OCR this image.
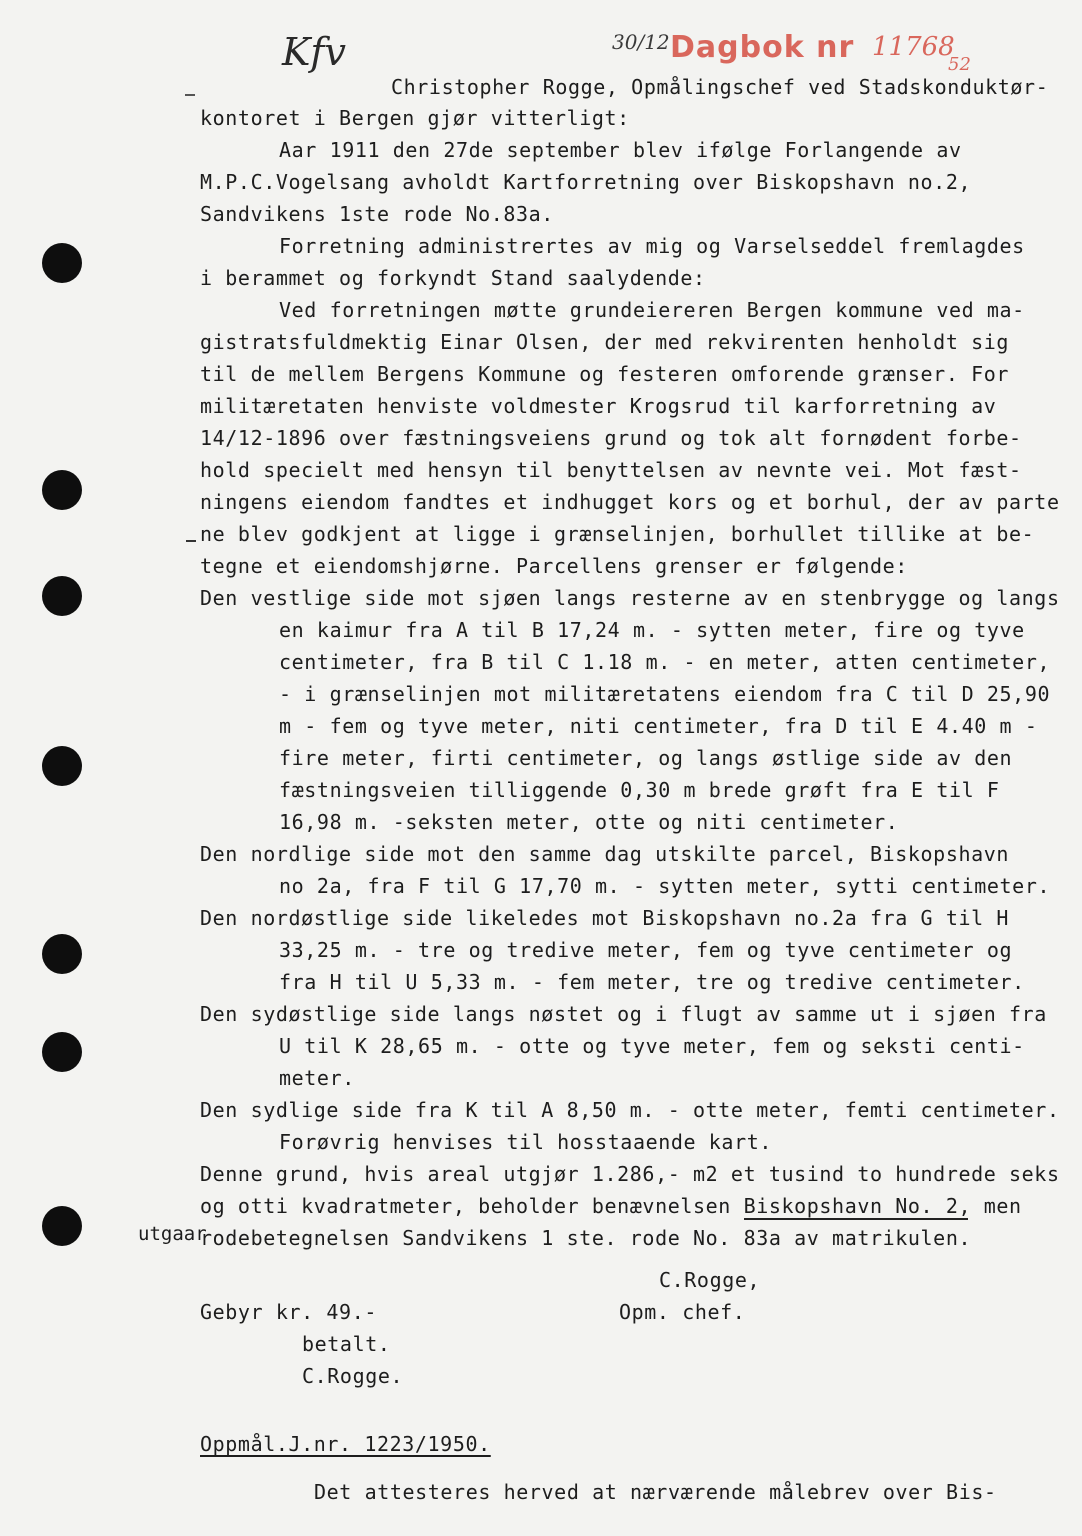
Kfv	30/12 Dagbok nr 11768
52
utgaar
Christopher Rogge, Opmålingschef ved Stadskonduktør-
kontoret i Bergen gjør vitterligt:
Aar 1911 den 27de september blev ifølge Forlangende av
M.P.C.Vogelsang avholdt Kartforretning over Biskopshavn no.2,
Sandvikens 1ste rode No.83a.
Forretning administrertes av mig og Varselseddel fremlagdes
i berammet og forkyndt Stand saalydende:
Ved forretningen møtte grundeiereren Bergen kommune ved ma-
gistratsfuldmektig Einar Olsen, der med rekvirenten henholdt sig
til de mellem Bergens Kommune og festeren omforende grænser. For
militæretaten henviste voldmester Krogsrud til karforretning av
14/12-1896 over fæstningsveiens grund og tok alt fornødent forbe-
hold specielt med hensyn til benyttelsen av nevnte vei. Mot fæst-
ningens eiendom fandtes et indhugget kors og et borhul, der av parte
ne blev godkjent at ligge i grænselinjen, borhullet tillike at be-
tegne et eiendomshjørne. Parcellens grenser er følgende:
Den vestlige side mot sjøen langs resterne av en stenbrygge og langs
en kaimur fra A til B 17,24 m. - sytten meter, fire og tyve
centimeter, fra B til C 1.18 m. - en meter, atten centimeter,
- i grænselinjen mot militæretatens eiendom fra C til D 25,90
m - fem og tyve meter, niti centimeter, fra D til E 4.40 m -
fire meter, firti centimeter, og langs østlige side av den
fæstningsveien tilliggende 0,30 m brede grøft fra E til F
16,98 m. -seksten meter, otte og niti centimeter.
Den nordlige side mot den samme dag utskilte parcel, Biskopshavn
no 2a, fra F til G 17,70 m. - sytten meter, sytti centimeter.
Den nordøstlige side likeledes mot Biskopshavn no.2a fra G til H
33,25 m. - tre og tredive meter, fem og tyve centimeter og
fra H til U 5,33 m. - fem meter, tre og tredive centimeter.
Den sydøstlige side langs nøstet og i flugt av samme ut i sjøen fra
U til K 28,65 m. - otte og tyve meter, fem og seksti centi-
meter.
Den sydlige side fra K til A 8,50 m. - otte meter, femti centimeter.
Forøvrig henvises til hosstaaende kart.
Denne grund, hvis areal utgjør 1.286,- m2 et tusind to hundrede seks
og otti kvadratmeter, beholder benævnelsen Biskopshavn No. 2, men
rodebetegnelsen Sandvikens 1 ste. rode No. 83a av matrikulen.
C.Rogge,
Gebyr kr. 49.-	Opm. chef.
betalt.
C.Rogge.
Oppmål.J.nr. 1223/1950.
Det attesteres herved at nærværende målebrev over Bis-
